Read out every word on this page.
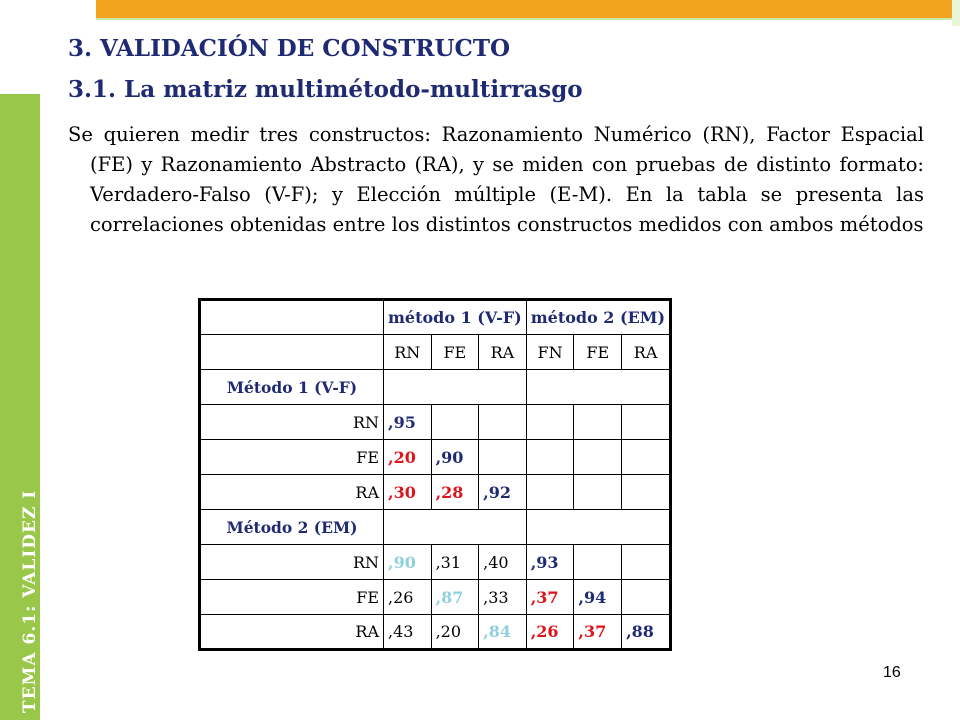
TEMA 6.1: VALIDEZ I
3. VALIDACIÓN DE CONSTRUCTO
3.1. La matriz multimétodo-multirrasgo

Se quieren medir tres constructos: Razonamiento Numérico (RN), Factor Espacial (FE) y Razonamiento Abstracto (RA), y se miden con pruebas de distinto formato: Verdadero-Falso (V-F); y Elección múltiple (E-M). En la tabla se presenta las correlaciones obtenidas entre los distintos constructos medidos con ambos métodos

	método 1 (V-F)			método 2 (EM)		
	RN	FE	RA	FN	FE	RA
Método 1 (V-F)						
RN	,95					
FE	,20	,90				
RA	,30	,28	,92			
Método 2 (EM)						
RN	,90	,31	,40	,93		
FE	,26	,87	,33	,37	,94	
RA	,43	,20	,84	,26	,37	,88
16
